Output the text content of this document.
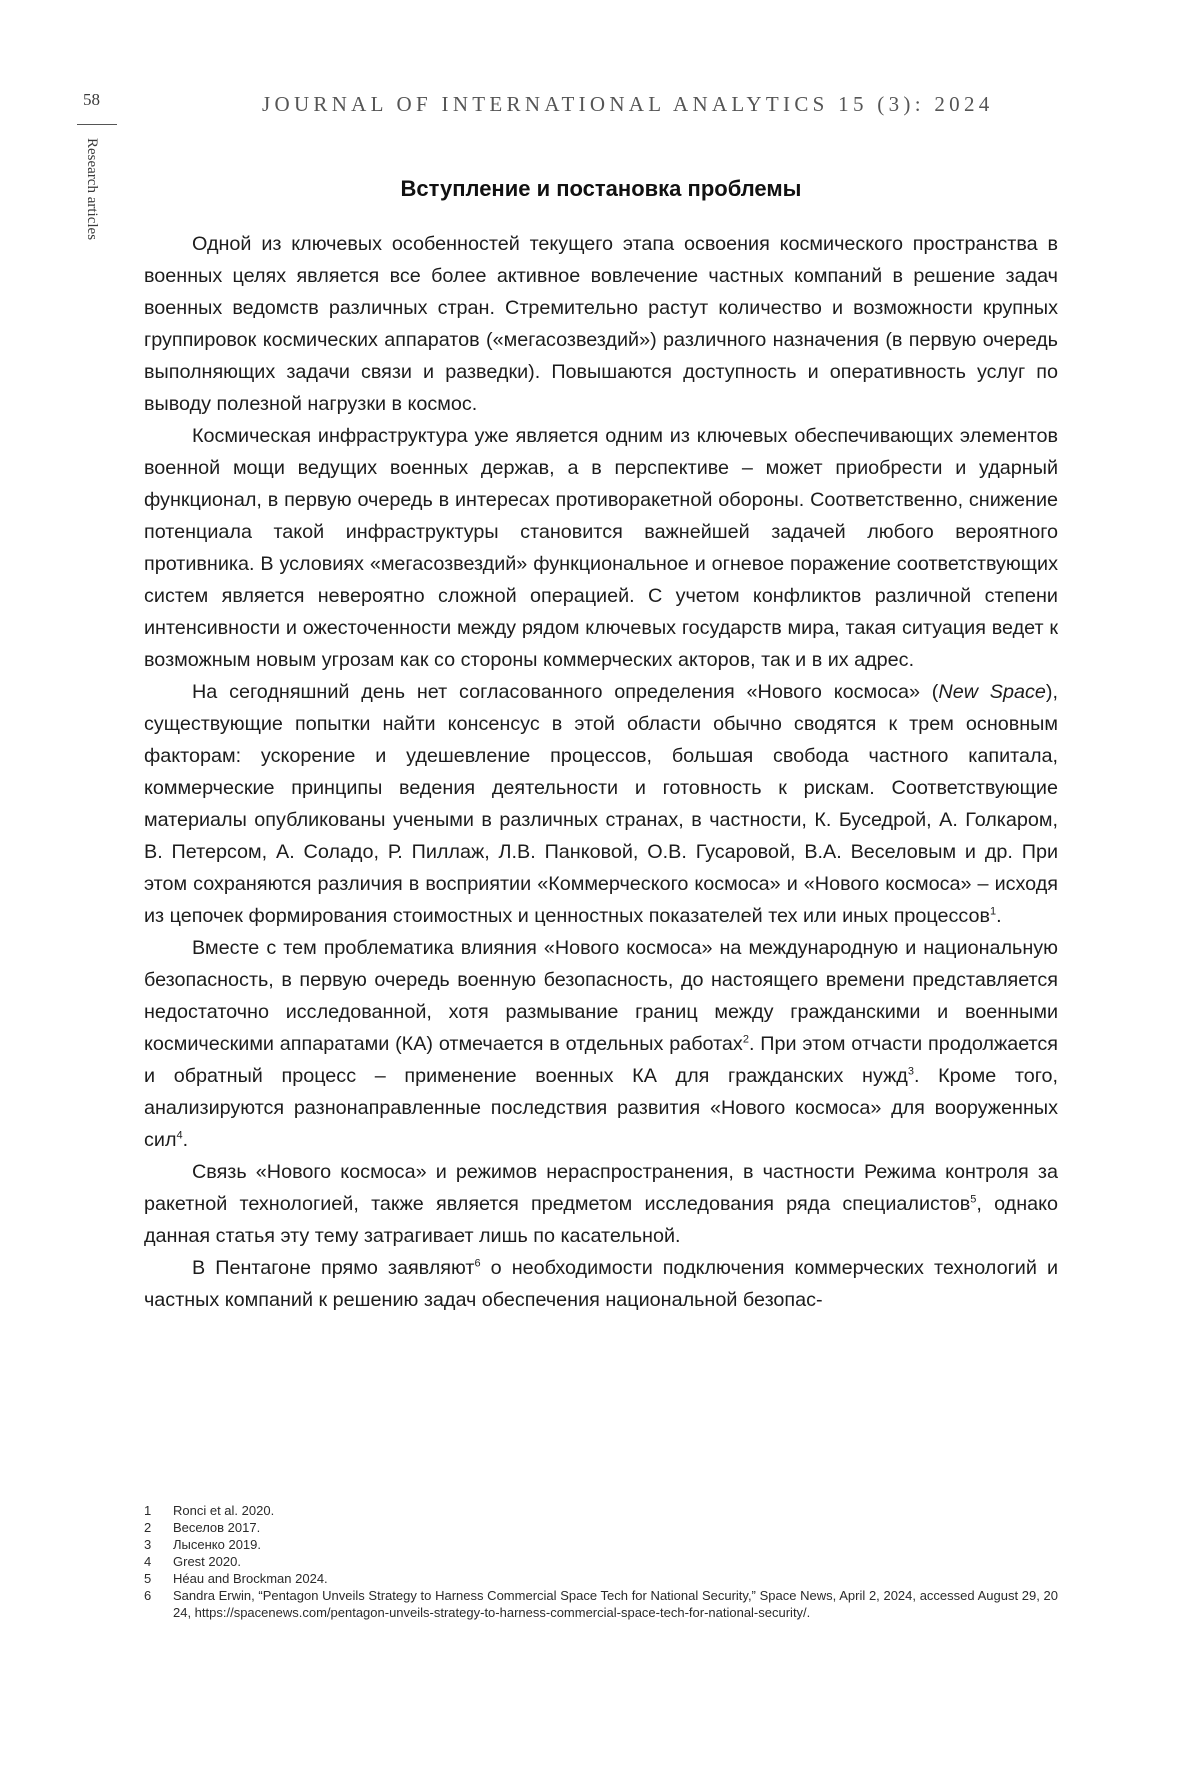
58
Research articles
JOURNAL OF INTERNATIONAL ANALYTICS 15 (3): 2024
Вступление и постановка проблемы

Одной из ключевых особенностей текущего этапа освоения космического пространства в военных целях является все более активное вовлечение частных компаний в решение задач военных ведомств различных стран. Стремительно растут количество и возможности крупных группировок космических аппаратов («мегасозвездий») различного назначения (в первую очередь выполняющих задачи связи и разведки). Повышаются доступность и оперативность услуг по выводу полезной нагрузки в космос.

Космическая инфраструктура уже является одним из ключевых обеспечивающих элементов военной мощи ведущих военных держав, а в перспективе – может приобрести и ударный функционал, в первую очередь в интересах противоракетной обороны. Соответственно, снижение потенциала такой инфраструктуры становится важнейшей задачей любого вероятного противника. В условиях «мегасозвездий» функциональное и огневое поражение соответствующих систем является невероятно сложной операцией. С учетом конфликтов различной степени интенсивности и ожесточенности между рядом ключевых государств мира, такая ситуация ведет к возможным новым угрозам как со стороны коммерческих акторов, так и в их адрес.

На сегодняшний день нет согласованного определения «Нового космоса» (New Space), существующие попытки найти консенсус в этой области обычно сводятся к трем основным факторам: ускорение и удешевление процессов, большая свобода частного капитала, коммерческие принципы ведения деятельности и готовность к рискам. Соответствующие материалы опубликованы учеными в различных странах, в частности, К. Буседрой, А. Голкаром, В. Петерсом, А. Соладо, Р. Пиллаж, Л.В. Панковой, О.В. Гусаровой, В.А. Веселовым и др. При этом сохраняются различия в восприятии «Коммерческого космоса» и «Нового космоса» – исходя из цепочек формирования стоимостных и ценностных показателей тех или иных процессов$^1$.

Вместе с тем проблематика влияния «Нового космоса» на международную и национальную безопасность, в первую очередь военную безопасность, до настоящего времени представляется недостаточно исследованной, хотя размывание границ между гражданскими и военными космическими аппаратами (КА) отмечается в отдельных работах$^2$. При этом отчасти продолжается и обратный процесс – применение военных КА для гражданских нужд$^3$. Кроме того, анализируются разнонаправленные последствия развития «Нового космоса» для вооруженных сил$^4$.

Связь «Нового космоса» и режимов нераспространения, в частности Режима контроля за ракетной технологией, также является предметом исследования ряда специалистов$^5$, однако данная статья эту тему затрагивает лишь по касательной.

В Пентагоне прямо заявляют$^6$ о необходимости подключения коммерческих технологий и частных компаний к решению задач обеспечения национальной безопас-

1	Ronci et al. 2020.
2	Веселов 2017.
3	Лысенко 2019.
4	Grest 2020.
5	Héau and Brockman 2024.
6	Sandra Erwin, “Pentagon Unveils Strategy to Harness Commercial Space Tech for National Security,” Space News, April 2, 2024, accessed August 29, 2024, https://spacenews.com/pentagon-unveils-strategy-to-harness-commercial-space-tech-for-national-security/.
